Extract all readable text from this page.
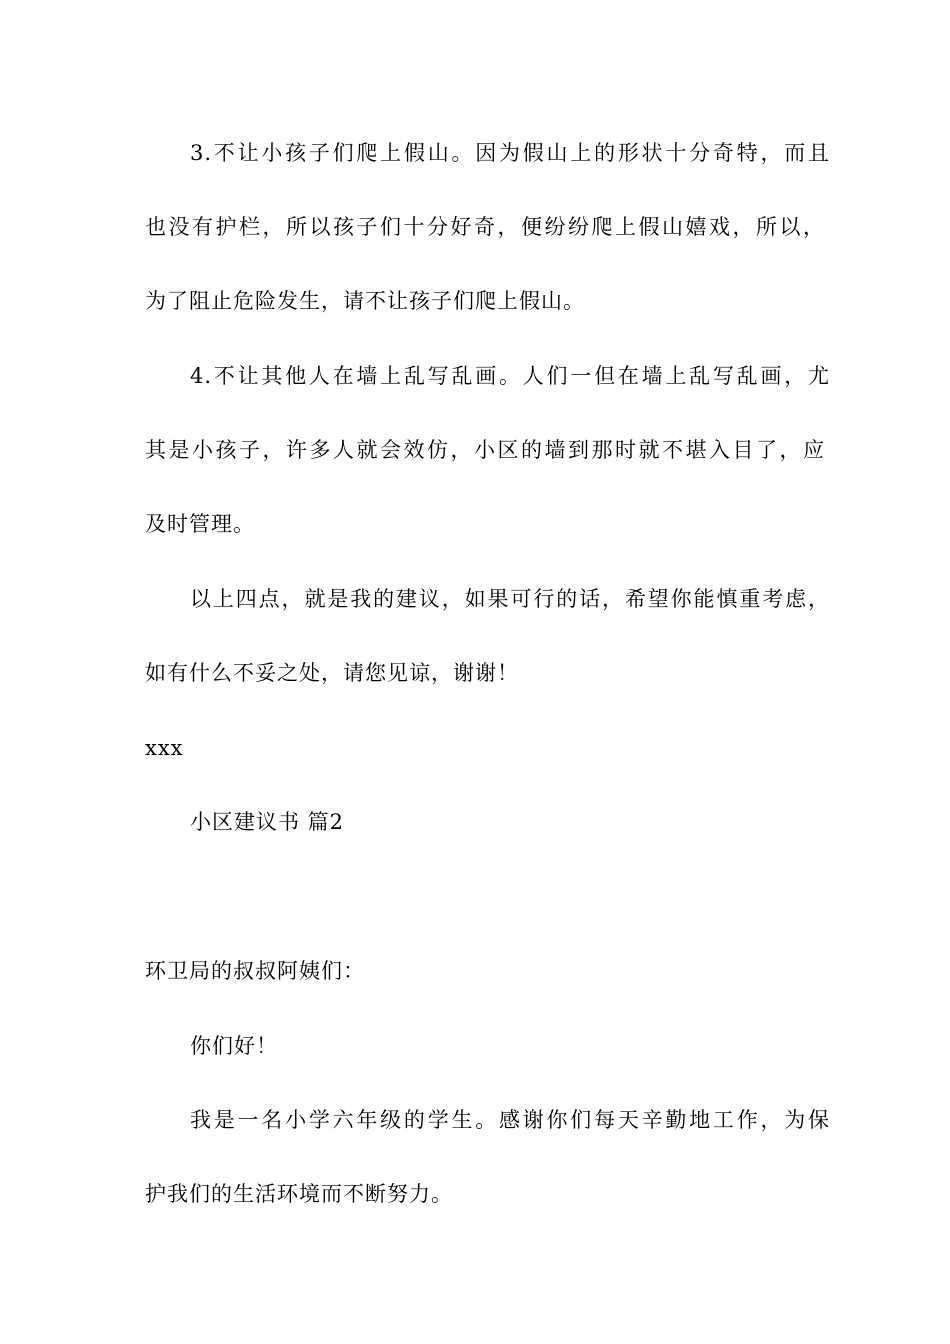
3.不让小孩子们爬上假山。因为假山上的形状十分奇特，而且
也没有护栏，所以孩子们十分好奇，便纷纷爬上假山嬉戏，所以，
为了阻止危险发生，请不让孩子们爬上假山。
4.不让其他人在墙上乱写乱画。人们一但在墙上乱写乱画，尤
其是小孩子，许多人就会效仿，小区的墙到那时就不堪入目了，应
及时管理。
以上四点，就是我的建议，如果可行的话，希望你能慎重考虑，
如有什么不妥之处，请您见谅，谢谢！
xxx
小区建议书 篇2
环卫局的叔叔阿姨们：
你们好！
我是一名小学六年级的学生。感谢你们每天辛勤地工作，为保
护我们的生活环境而不断努力。
